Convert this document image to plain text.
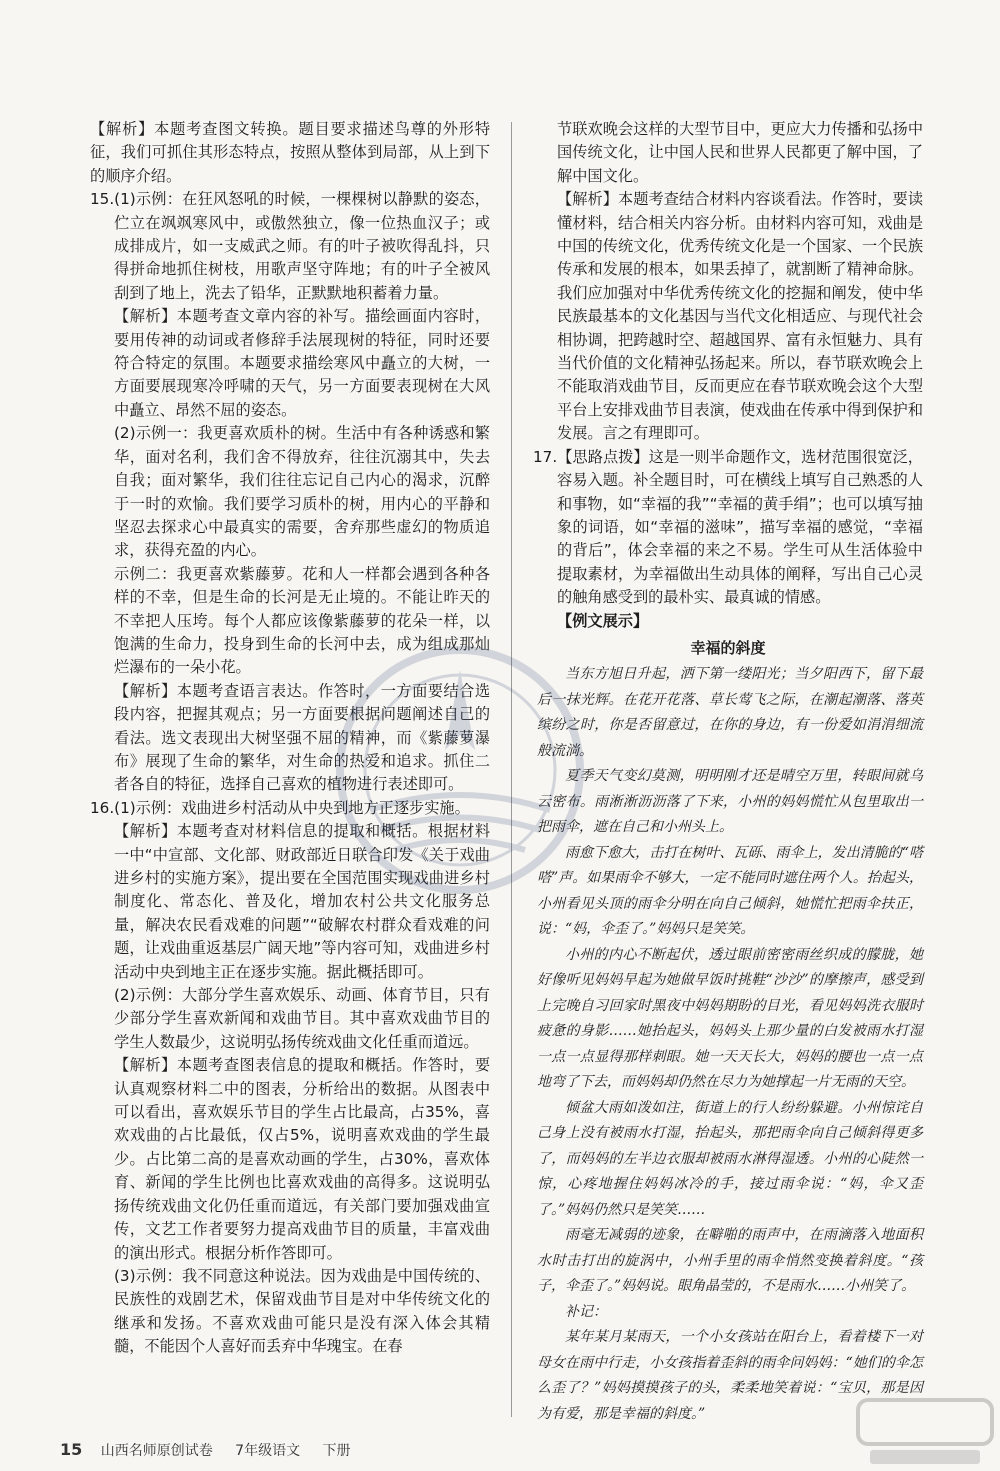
【解析】本题考查图文转换。题目要求描述鸟尊的外形特征，我们可抓住其形态特点，按照从整体到局部，从上到下的顺序介绍。

15.(1)示例：在狂风怒吼的时候，一棵棵树以静默的姿态，伫立在飒飒寒风中，或傲然独立，像一位热血汉子；或成排成片，如一支威武之师。有的叶子被吹得乱抖，只得拼命地抓住树枝，用歌声坚守阵地；有的叶子全被风刮到了地上，洗去了铅华，正默默地积蓄着力量。

【解析】本题考查文章内容的补写。描绘画面内容时，要用传神的动词或者修辞手法展现树的特征，同时还要符合特定的氛围。本题要求描绘寒风中矗立的大树，一方面要展现寒冷呼啸的天气，另一方面要表现树在大风中矗立、昂然不屈的姿态。

(2)示例一：我更喜欢质朴的树。生活中有各种诱惑和繁华，面对名利，我们舍不得放弃，往往沉溺其中，失去自我；面对繁华，我们往往忘记自己内心的渴求，沉醉于一时的欢愉。我们要学习质朴的树，用内心的平静和坚忍去探求心中最真实的需要，舍弃那些虚幻的物质追求，获得充盈的内心。

示例二：我更喜欢紫藤萝。花和人一样都会遇到各种各样的不幸，但是生命的长河是无止境的。不能让昨天的不幸把人压垮。每个人都应该像紫藤萝的花朵一样，以饱满的生命力，投身到生命的长河中去，成为组成那灿烂瀑布的一朵小花。

【解析】本题考查语言表达。作答时，一方面要结合选段内容，把握其观点；另一方面要根据问题阐述自己的看法。选文表现出大树坚强不屈的精神，而《紫藤萝瀑布》展现了生命的繁华，对生命的热爱和追求。抓住二者各自的特征，选择自己喜欢的植物进行表述即可。

16.(1)示例：戏曲进乡村活动从中央到地方正逐步实施。

【解析】本题考查对材料信息的提取和概括。根据材料一中“中宣部、文化部、财政部近日联合印发《关于戏曲进乡村的实施方案》，提出要在全国范围实现戏曲进乡村制度化、常态化、普及化，增加农村公共文化服务总量，解决农民看戏难的问题”“破解农村群众看戏难的问题，让戏曲重返基层广阔天地”等内容可知，戏曲进乡村活动中央到地主正在逐步实施。据此概括即可。

(2)示例：大部分学生喜欢娱乐、动画、体育节目，只有少部分学生喜欢新闻和戏曲节目。其中喜欢戏曲节目的学生人数最少，这说明弘扬传统戏曲文化任重而道远。

【解析】本题考查图表信息的提取和概括。作答时，要认真观察材料二中的图表，分析给出的数据。从图表中可以看出，喜欢娱乐节目的学生占比最高，占35%，喜欢戏曲的占比最低，仅占5%，说明喜欢戏曲的学生最少。占比第二高的是喜欢动画的学生，占30%，喜欢体育、新闻的学生比例也比喜欢戏曲的高得多。这说明弘扬传统戏曲文化仍任重而道远，有关部门要加强戏曲宣传，文艺工作者要努力提高戏曲节目的质量，丰富戏曲的演出形式。根据分析作答即可。

(3)示例：我不同意这种说法。因为戏曲是中国传统的、民族性的戏剧艺术，保留戏曲节目是对中华传统文化的继承和发扬。不喜欢戏曲可能只是没有深入体会其精髓，不能因个人喜好而丢弃中华瑰宝。在春

节联欢晚会这样的大型节目中，更应大力传播和弘扬中国传统文化，让中国人民和世界人民都更了解中国，了解中国文化。

【解析】本题考查结合材料内容谈看法。作答时，要读懂材料，结合相关内容分析。由材料内容可知，戏曲是中国的传统文化，优秀传统文化是一个国家、一个民族传承和发展的根本，如果丢掉了，就割断了精神命脉。我们应加强对中华优秀传统文化的挖掘和阐发，使中华民族最基本的文化基因与当代文化相适应、与现代社会相协调，把跨越时空、超越国界、富有永恒魅力、具有当代价值的文化精神弘扬起来。所以，春节联欢晚会上不能取消戏曲节目，反而更应在春节联欢晚会这个大型平台上安排戏曲节目表演，使戏曲在传承中得到保护和发展。言之有理即可。

17.【思路点拨】这是一则半命题作文，选材范围很宽泛，容易入题。补全题目时，可在横线上填写自己熟悉的人和事物，如“幸福的我”“幸福的黄手绢”；也可以填写抽象的词语，如“幸福的滋味”，描写幸福的感觉，“幸福的背后”，体会幸福的来之不易。学生可从生活体验中提取素材，为幸福做出生动具体的阐释，写出自己心灵的触角感受到的最朴实、最真诚的情感。

【例文展示】

幸福的斜度

当东方旭日升起，洒下第一缕阳光；当夕阳西下，留下最后一抹光辉。在花开花落、草长莺飞之际，在潮起潮落、落英缤纷之时，你是否留意过，在你的身边，有一份爱如涓涓细流般流淌。

夏季天气变幻莫测，明明刚才还是晴空万里，转眼间就乌云密布。雨淅淅沥沥落了下来，小州的妈妈慌忙从包里取出一把雨伞，遮在自己和小州头上。

雨愈下愈大，击打在树叶、瓦砾、雨伞上，发出清脆的“嗒嗒”声。如果雨伞不够大，一定不能同时遮住两个人。抬起头，小州看见头顶的雨伞分明在向自己倾斜，她慌忙把雨伞扶正，说：“妈，伞歪了。”妈妈只是笑笑。

小州的内心不断起伏，透过眼前密密雨丝织成的朦胧，她好像听见妈妈早起为她做早饭时挑鞋“沙沙”的摩擦声，感受到上完晚自习回家时黑夜中妈妈期盼的目光，看见妈妈洗衣服时疲惫的身影……她抬起头，妈妈头上那少量的白发被雨水打湿一点一点显得那样刺眼。她一天天长大，妈妈的腰也一点一点地弯了下去，而妈妈却仍然在尽力为她撑起一片无雨的天空。

倾盆大雨如泼如注，街道上的行人纷纷躲避。小州惊诧自己身上没有被雨水打湿，抬起头，那把雨伞向自己倾斜得更多了，而妈妈的左半边衣服却被雨水淋得湿透。小州的心陡然一惊，心疼地握住妈妈冰冷的手，接过雨伞说：“妈，伞又歪了。”妈妈仍然只是笑笑……

雨毫无减弱的迹象，在噼啪的雨声中，在雨滴落入地面积水时击打出的旋涡中，小州手里的雨伞悄然变换着斜度。“孩子，伞歪了。”妈妈说。眼角晶莹的，不是雨水……小州笑了。

补记：

某年某月某雨天，一个小女孩站在阳台上，看着楼下一对母女在雨中行走，小女孩指着歪斜的雨伞问妈妈：“她们的伞怎么歪了？”妈妈摸摸孩子的头，柔柔地笑着说：“宝贝，那是因为有爱，那是幸福的斜度。”

15 山西名师原创试卷 7年级语文 下册
